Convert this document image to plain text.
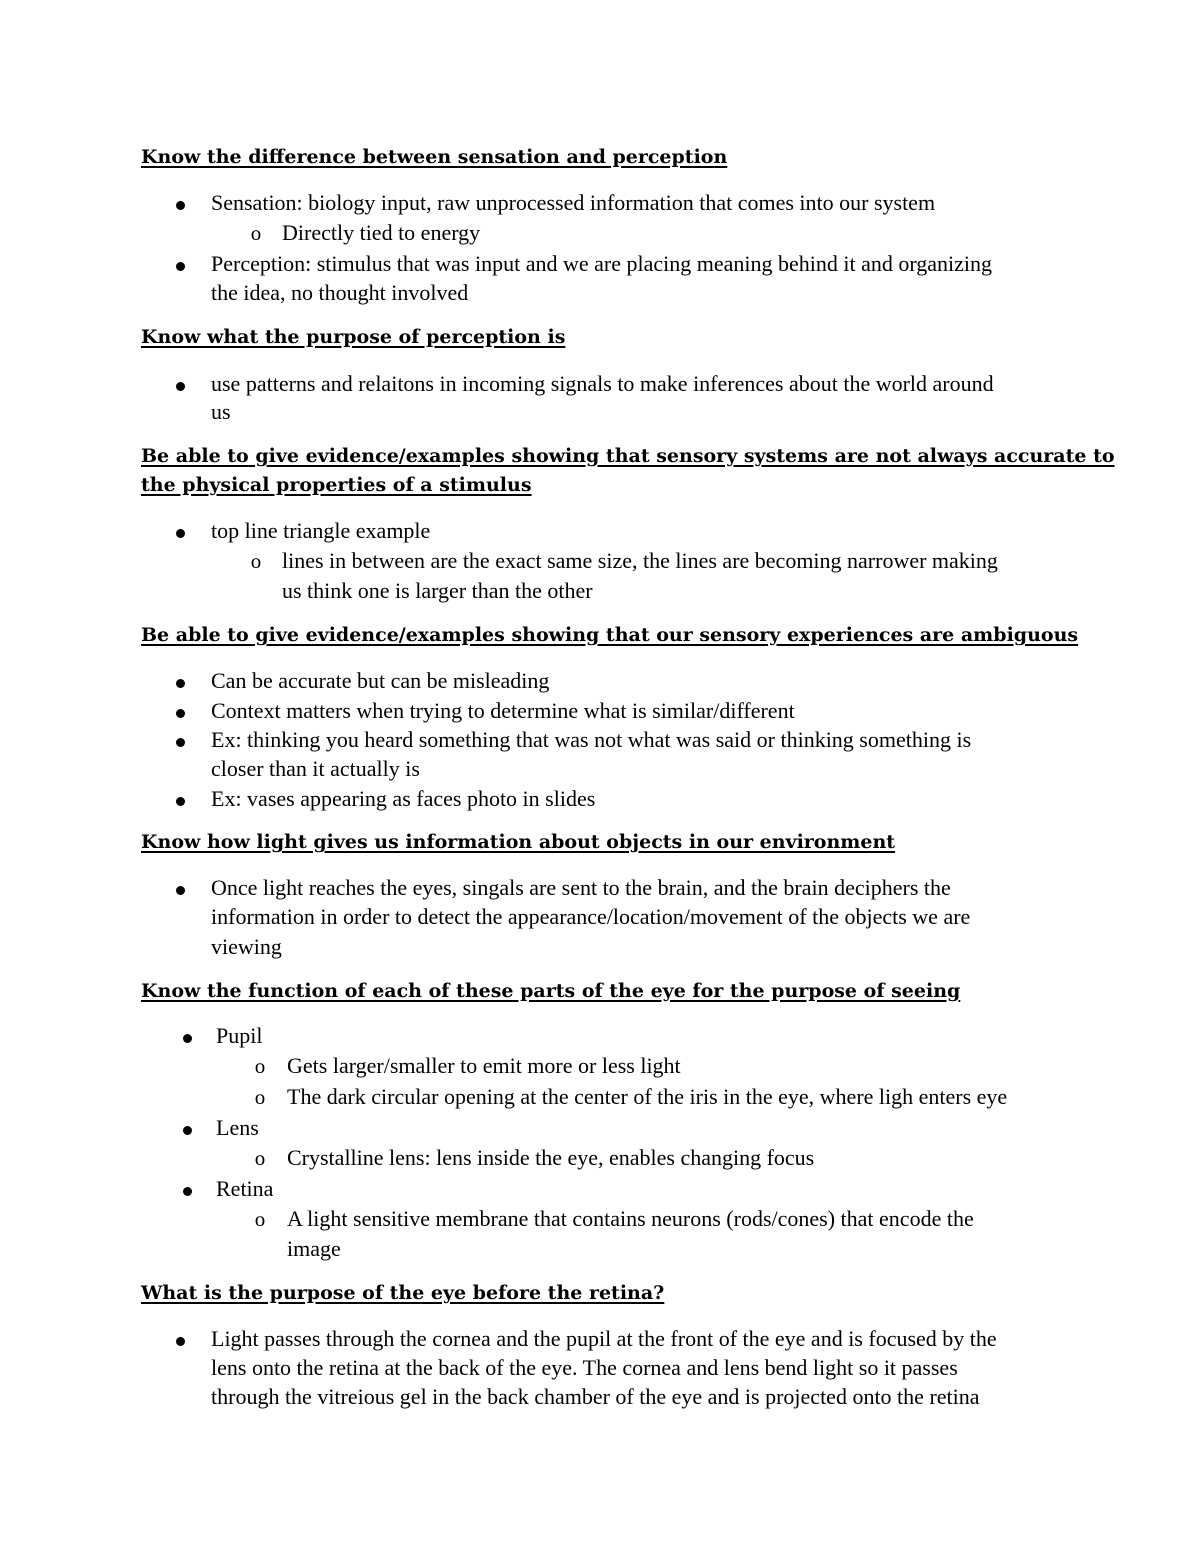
Know the difference between sensation and perception
Sensation: biology input, raw unprocessed information that comes into our system
o Directly tied to energy
Perception: stimulus that was input and we are placing meaning behind it and organizing
the idea, no thought involved
Know what the purpose of perception is
use patterns and relaitons in incoming signals to make inferences about the world around
us
Be able to give evidence/examples showing that sensory systems are not always accurate to
the physical properties of a stimulus
top line triangle example
o lines in between are the exact same size, the lines are becoming narrower making
us think one is larger than the other
Be able to give evidence/examples showing that our sensory experiences are ambiguous
Can be accurate but can be misleading
Context matters when trying to determine what is similar/different
Ex: thinking you heard something that was not what was said or thinking something is
closer than it actually is
Ex: vases appearing as faces photo in slides
Know how light gives us information about objects in our environment
Once light reaches the eyes, singals are sent to the brain, and the brain deciphers the
information in order to detect the appearance/location/movement of the objects we are
viewing
Know the function of each of these parts of the eye for the purpose of seeing
Pupil
o Gets larger/smaller to emit more or less light
o The dark circular opening at the center of the iris in the eye, where ligh enters eye
Lens
o Crystalline lens: lens inside the eye, enables changing focus
Retina
o A light sensitive membrane that contains neurons (rods/cones) that encode the
image
What is the purpose of the eye before the retina?
Light passes through the cornea and the pupil at the front of the eye and is focused by the
lens onto the retina at the back of the eye. The cornea and lens bend light so it passes
through the vitreious gel in the back chamber of the eye and is projected onto the retina
